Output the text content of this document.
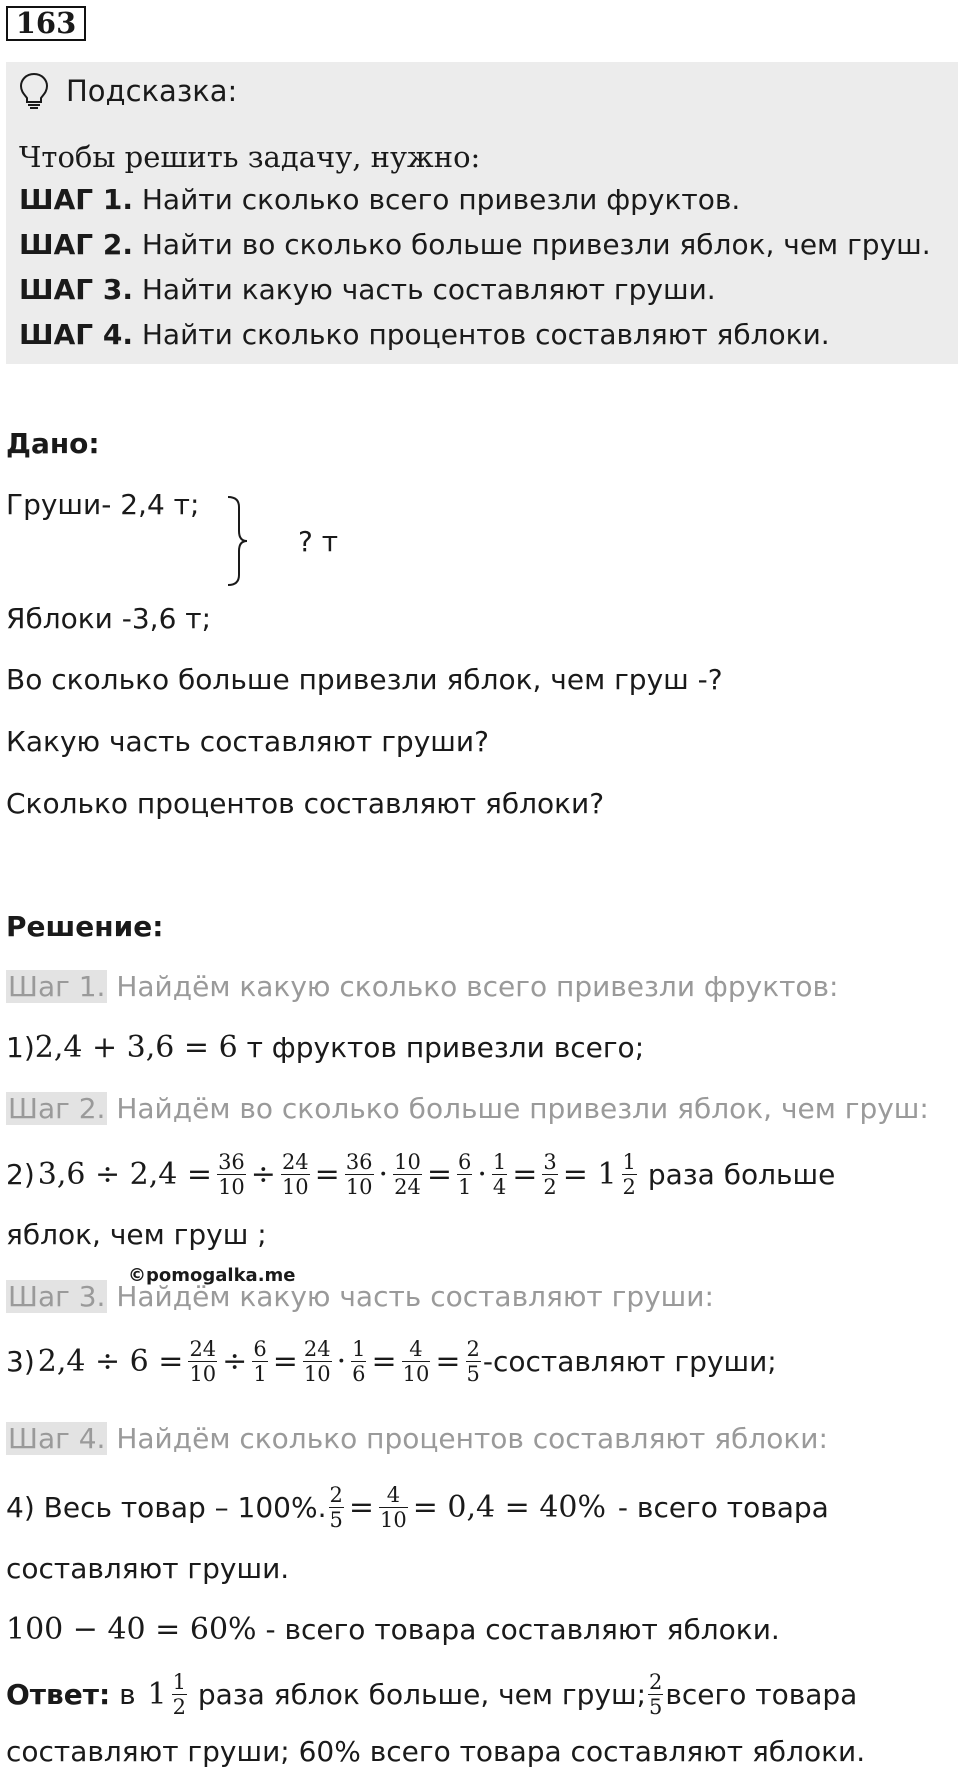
163
Подсказка:
Чтобы решить задачу, нужно:
ШАГ 1. Найти сколько всего привезли фруктов.
ШАГ 2. Найти во сколько больше привезли яблок, чем груш.
ШАГ 3. Найти какую часть составляют груши.
ШАГ 4. Найти сколько процентов составляют яблоки.
Дано:
Груши- 2,4 т;
? т
Яблоки -3,6 т;
Во сколько больше привезли яблок, чем груш -?
Какую часть составляют груши?
Сколько процентов составляют яблоки?
Решение:
Шаг 1. Найдём какую сколько всего привезли фруктов:
1)2,4 + 3,6 = 6 т фруктов привезли всего;
Шаг 2. Найдём во сколько больше привезли яблок, чем груш:
2) $3,6 \div 2,4 = \frac{36}{10} \div \frac{24}{10} = \frac{36}{10} \cdot \frac{10}{24} = \frac{6}{1} \cdot \frac{1}{4} = \frac{3}{2} = 1 \frac{1}{2}$ раза больше
яблок, чем груш ;
©pomogalka.me
Шаг 3. Найдём какую часть составляют груши:
3) $2,4 \div 6 = \frac{24}{10} \div \frac{6}{1} = \frac{24}{10} \cdot \frac{1}{6} = \frac{4}{10} = \frac{2}{5}$ -составляют груши;
Шаг 4. Найдём сколько процентов составляют яблоки:
4) Весь товар – 100%. $\frac{2}{5} = \frac{4}{10} = 0,4 = 40\%$ - всего товара
составляют груши.
100 − 40 = 60% - всего товара составляют яблоки.
Ответ: в $1 \frac{1}{2}$ раза яблок больше, чем груш; $\frac{2}{5}$ всего товара
составляют груши; 60% всего товара составляют яблоки.
